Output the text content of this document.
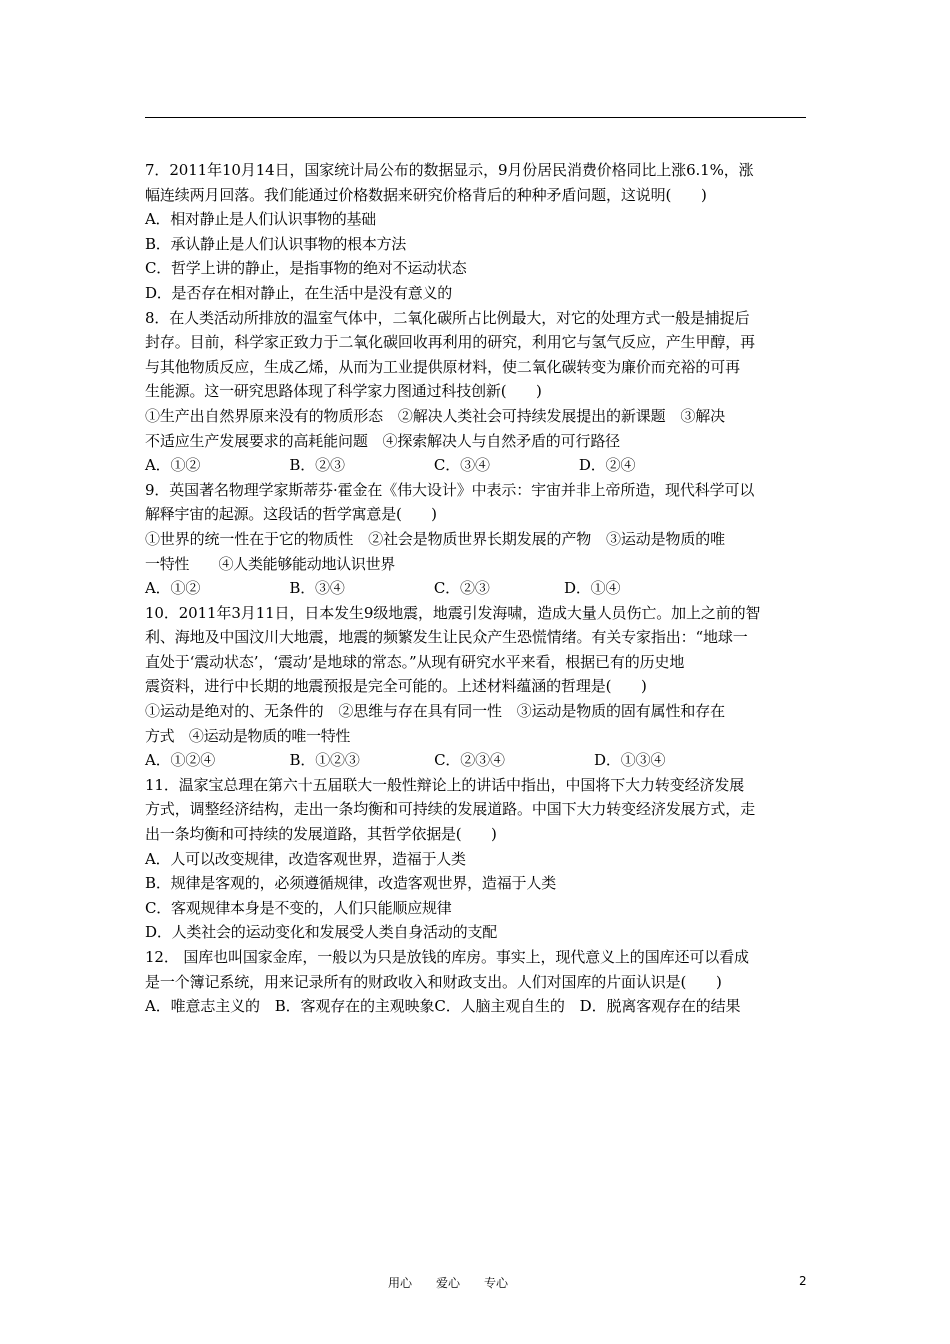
7．2011年10月14日，国家统计局公布的数据显示，9月份居民消费价格同比上涨6.1%，涨
幅连续两月回落。我们能通过价格数据来研究价格背后的种种矛盾问题，这说明(　　)
A．相对静止是人们认识事物的基础
B．承认静止是人们认识事物的根本方法
C．哲学上讲的静止，是指事物的绝对不运动状态
D．是否存在相对静止，在生活中是没有意义的
8．在人类活动所排放的温室气体中，二氧化碳所占比例最大，对它的处理方式一般是捕捉后
封存。目前，科学家正致力于二氧化碳回收再利用的研究，利用它与氢气反应，产生甲醇，再
与其他物质反应，生成乙烯，从而为工业提供原材料，使二氧化碳转变为廉价而充裕的可再
生能源。这一研究思路体现了科学家力图通过科技创新(　　)
①生产出自然界原来没有的物质形态　②解决人类社会可持续发展提出的新课题　③解决
不适应生产发展要求的高耗能问题　④探索解决人与自然矛盾的可行路径
A．①②　　　　　　B．②③　　　　　　C．③④　　　　　　D．②④
9．英国著名物理学家斯蒂芬·霍金在《伟大设计》中表示：宇宙并非上帝所造，现代科学可以
解释宇宙的起源。这段话的哲学寓意是(　　)
①世界的统一性在于它的物质性　②社会是物质世界长期发展的产物　③运动是物质的唯
一特性　　④人类能够能动地认识世界
A．①②　　　　　　B．③④　　　　　　C．②③　　　　　D．①④
10．2011年3月11日，日本发生9级地震，地震引发海啸，造成大量人员伤亡。加上之前的智
利、海地及中国汶川大地震，地震的频繁发生让民众产生恐慌情绪。有关专家指出：“地球一
直处于‘震动状态’，‘震动’是地球的常态。”从现有研究水平来看，根据已有的历史地
震资料，进行中长期的地震预报是完全可能的。上述材料蕴涵的哲理是(　　)
①运动是绝对的、无条件的　②思维与存在具有同一性　③运动是物质的固有属性和存在
方式　④运动是物质的唯一特性
A．①②④　　　　　B．①②③　　　　　C．②③④　　　　　　D．①③④
11．温家宝总理在第六十五届联大一般性辩论上的讲话中指出，中国将下大力转变经济发展
方式，调整经济结构，走出一条均衡和可持续的发展道路。中国下大力转变经济发展方式，走
出一条均衡和可持续的发展道路，其哲学依据是(　　)
A．人可以改变规律，改造客观世界，造福于人类
B．规律是客观的，必须遵循规律，改造客观世界，造福于人类
C．客观规律本身是不变的，人们只能顺应规律
D．人类社会的运动变化和发展受人类自身活动的支配
12． 国库也叫国家金库，一般以为只是放钱的库房。事实上，现代意义上的国库还可以看成
是一个簿记系统，用来记录所有的财政收入和财政支出。人们对国库的片面认识是(　　)
A．唯意志主义的　B．客观存在的主观映象C．人脑主观自生的　D．脱离客观存在的结果
用心　　爱心　　专心	2
